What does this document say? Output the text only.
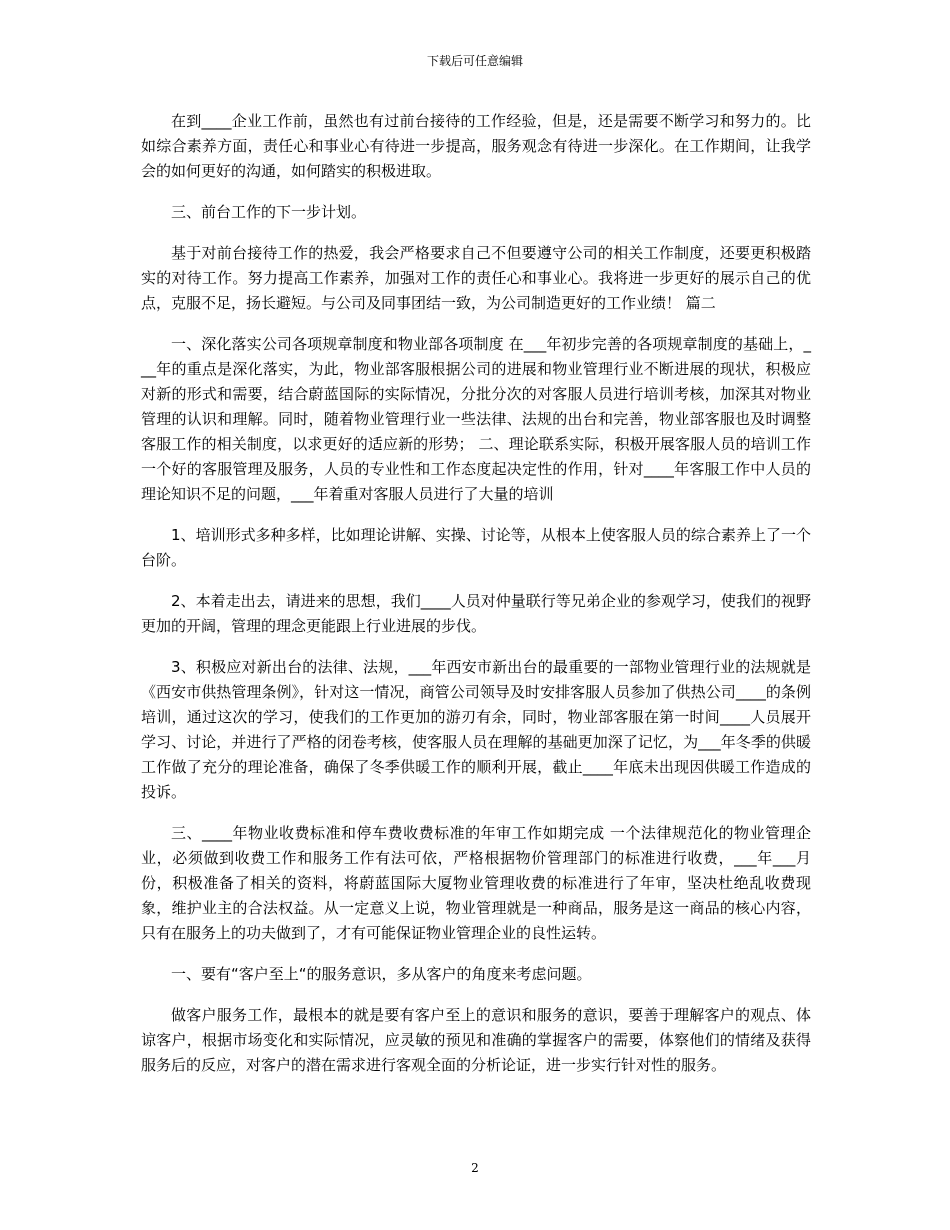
下载后可任意编辑

在到____企业工作前，虽然也有过前台接待的工作经验，但是，还是需要不断学习和努力的。比如综合素养方面，责任心和事业心有待进一步提高，服务观念有待进一步深化。在工作期间，让我学会的如何更好的沟通，如何踏实的积极进取。

三、前台工作的下一步计划。

基于对前台接待工作的热爱，我会严格要求自己不但要遵守公司的相关工作制度，还要更积极踏实的对待工作。努力提高工作素养，加强对工作的责任心和事业心。我将进一步更好的展示自己的优点，克服不足，扬长避短。与公司及同事团结一致，为公司制造更好的工作业绩！ 篇二

一、深化落实公司各项规章制度和物业部各项制度 在___年初步完善的各项规章制度的基础上，___年的重点是深化落实，为此，物业部客服根据公司的进展和物业管理行业不断进展的现状，积极应对新的形式和需要，结合蔚蓝国际的实际情况，分批分次的对客服人员进行培训考核，加深其对物业管理的认识和理解。同时，随着物业管理行业一些法律、法规的出台和完善，物业部客服也及时调整客服工作的相关制度，以求更好的适应新的形势； 二、理论联系实际，积极开展客服人员的培训工作 一个好的客服管理及服务，人员的专业性和工作态度起决定性的作用，针对____年客服工作中人员的理论知识不足的问题，___年着重对客服人员进行了大量的培训

1、培训形式多种多样，比如理论讲解、实操、讨论等，从根本上使客服人员的综合素养上了一个台阶。

2、本着走出去，请进来的思想，我们____人员对仲量联行等兄弟企业的参观学习，使我们的视野更加的开阔，管理的理念更能跟上行业进展的步伐。

3、积极应对新出台的法律、法规，___年西安市新出台的最重要的一部物业管理行业的法规就是《西安市供热管理条例》，针对这一情况，商管公司领导及时安排客服人员参加了供热公司____的条例培训，通过这次的学习，使我们的工作更加的游刃有余，同时，物业部客服在第一时间____人员展开学习、讨论，并进行了严格的闭卷考核，使客服人员在理解的基础更加深了记忆，为___年冬季的供暖工作做了充分的理论准备，确保了冬季供暖工作的顺利开展，截止____年底未出现因供暖工作造成的投诉。

三、____年物业收费标准和停车费收费标准的年审工作如期完成 一个法律规范化的物业管理企业，必须做到收费工作和服务工作有法可依，严格根据物价管理部门的标准进行收费，___年___月份，积极准备了相关的资料，将蔚蓝国际大厦物业管理收费的标准进行了年审，坚决杜绝乱收费现象，维护业主的合法权益。从一定意义上说，物业管理就是一种商品，服务是这一商品的核心内容，只有在服务上的功夫做到了，才有可能保证物业管理企业的良性运转。

一、要有“客户至上“的服务意识，多从客户的角度来考虑问题。

做客户服务工作，最根本的就是要有客户至上的意识和服务的意识，要善于理解客户的观点、体谅客户，根据市场变化和实际情况，应灵敏的预见和准确的掌握客户的需要，体察他们的情绪及获得服务后的反应，对客户的潜在需求进行客观全面的分析论证，进一步实行针对性的服务。

2
